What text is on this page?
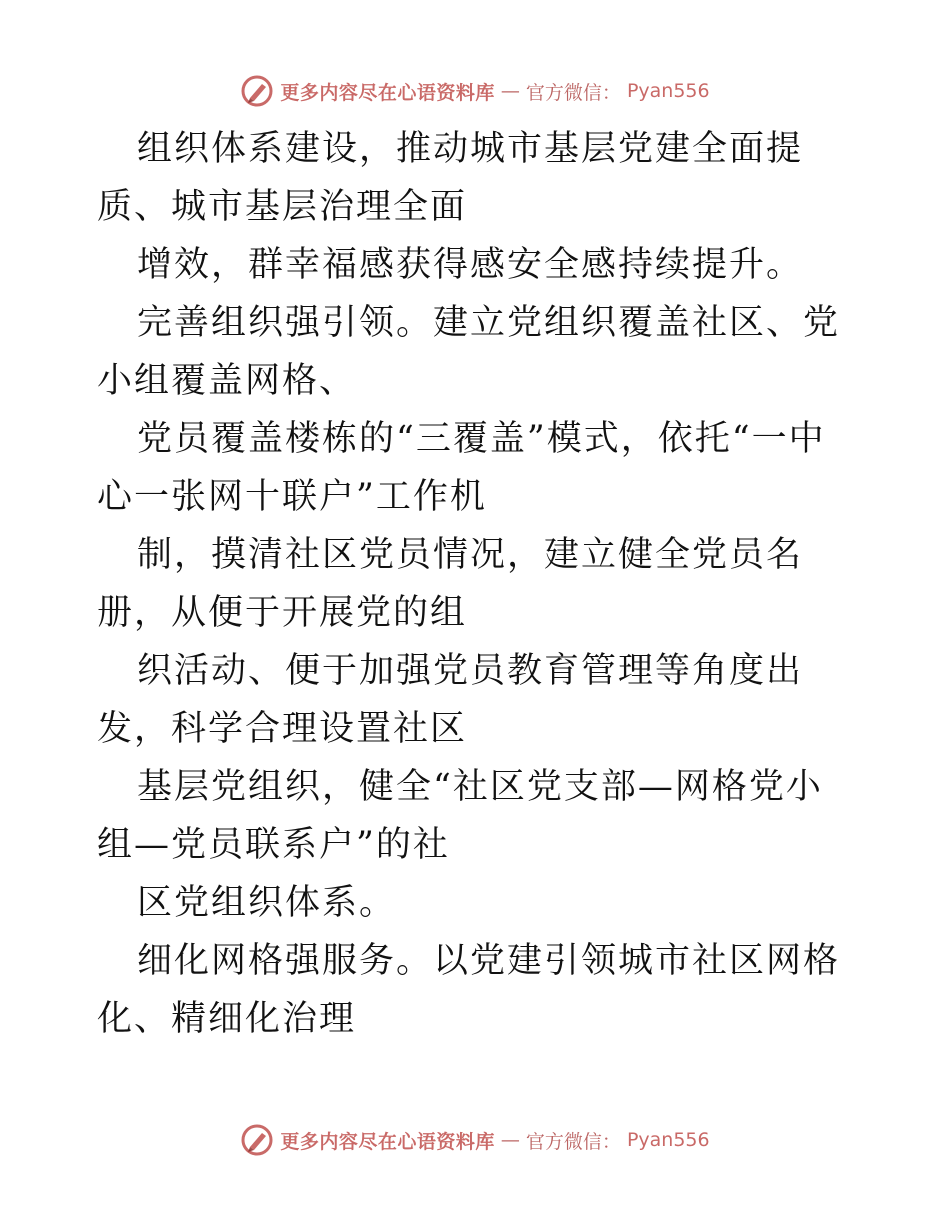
更多内容尽在心语资料库 — 官方微信： Pyan556

组织体系建设，推动城市基层党建全面提质、城市基层治理全面

增效，群幸福感获得感安全感持续提升。

完善组织强引领。建立党组织覆盖社区、党小组覆盖网格、

党员覆盖楼栋的“三覆盖”模式，依托“一中心一张网十联户”工作机

制，摸清社区党员情况，建立健全党员名册，从便于开展党的组

织活动、便于加强党员教育管理等角度出发，科学合理设置社区

基层党组织，健全“社区党支部—网格党小组—党员联系户”的社

区党组织体系。

细化网格强服务。以党建引领城市社区网格化、精细化治理

更多内容尽在心语资料库 — 官方微信： Pyan556
